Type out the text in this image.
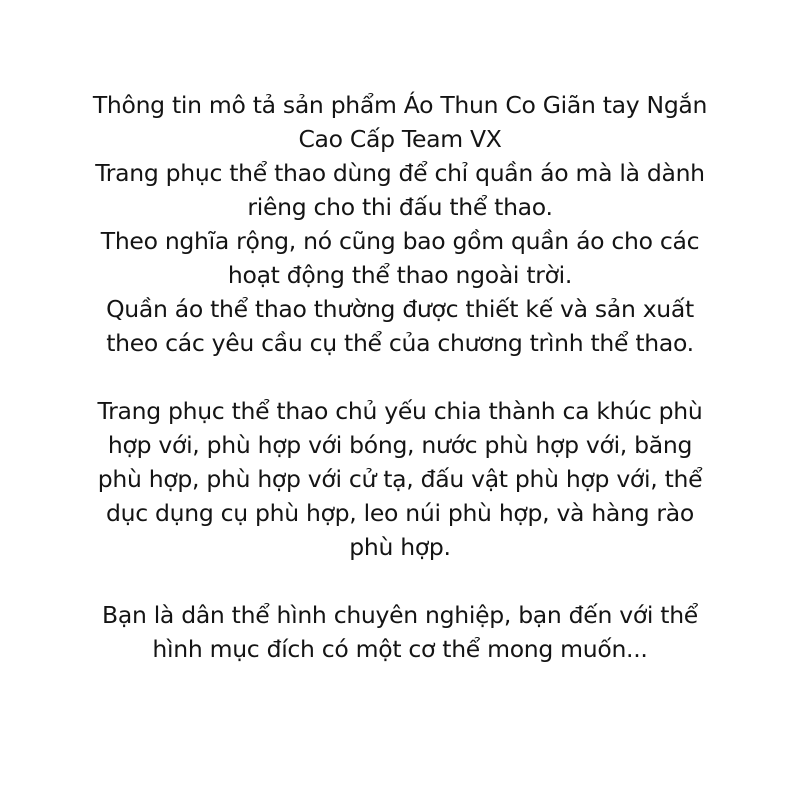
Thông tin mô tả sản phẩm Áo Thun Co Giãn tay Ngắn
Cao Cấp Team VX
Trang phục thể thao dùng để chỉ quần áo mà là dành
riêng cho thi đấu thể thao.
Theo nghĩa rộng, nó cũng bao gồm quần áo cho các
hoạt động thể thao ngoài trời.
Quần áo thể thao thường được thiết kế và sản xuất
theo các yêu cầu cụ thể của chương trình thể thao.

Trang phục thể thao chủ yếu chia thành ca khúc phù
hợp với, phù hợp với bóng, nước phù hợp với, băng
phù hợp, phù hợp với cử tạ, đấu vật phù hợp với, thể
dục dụng cụ phù hợp, leo núi phù hợp, và hàng rào
phù hợp.

Bạn là dân thể hình chuyên nghiệp, bạn đến với thể
hình mục đích có một cơ thể mong muốn...
